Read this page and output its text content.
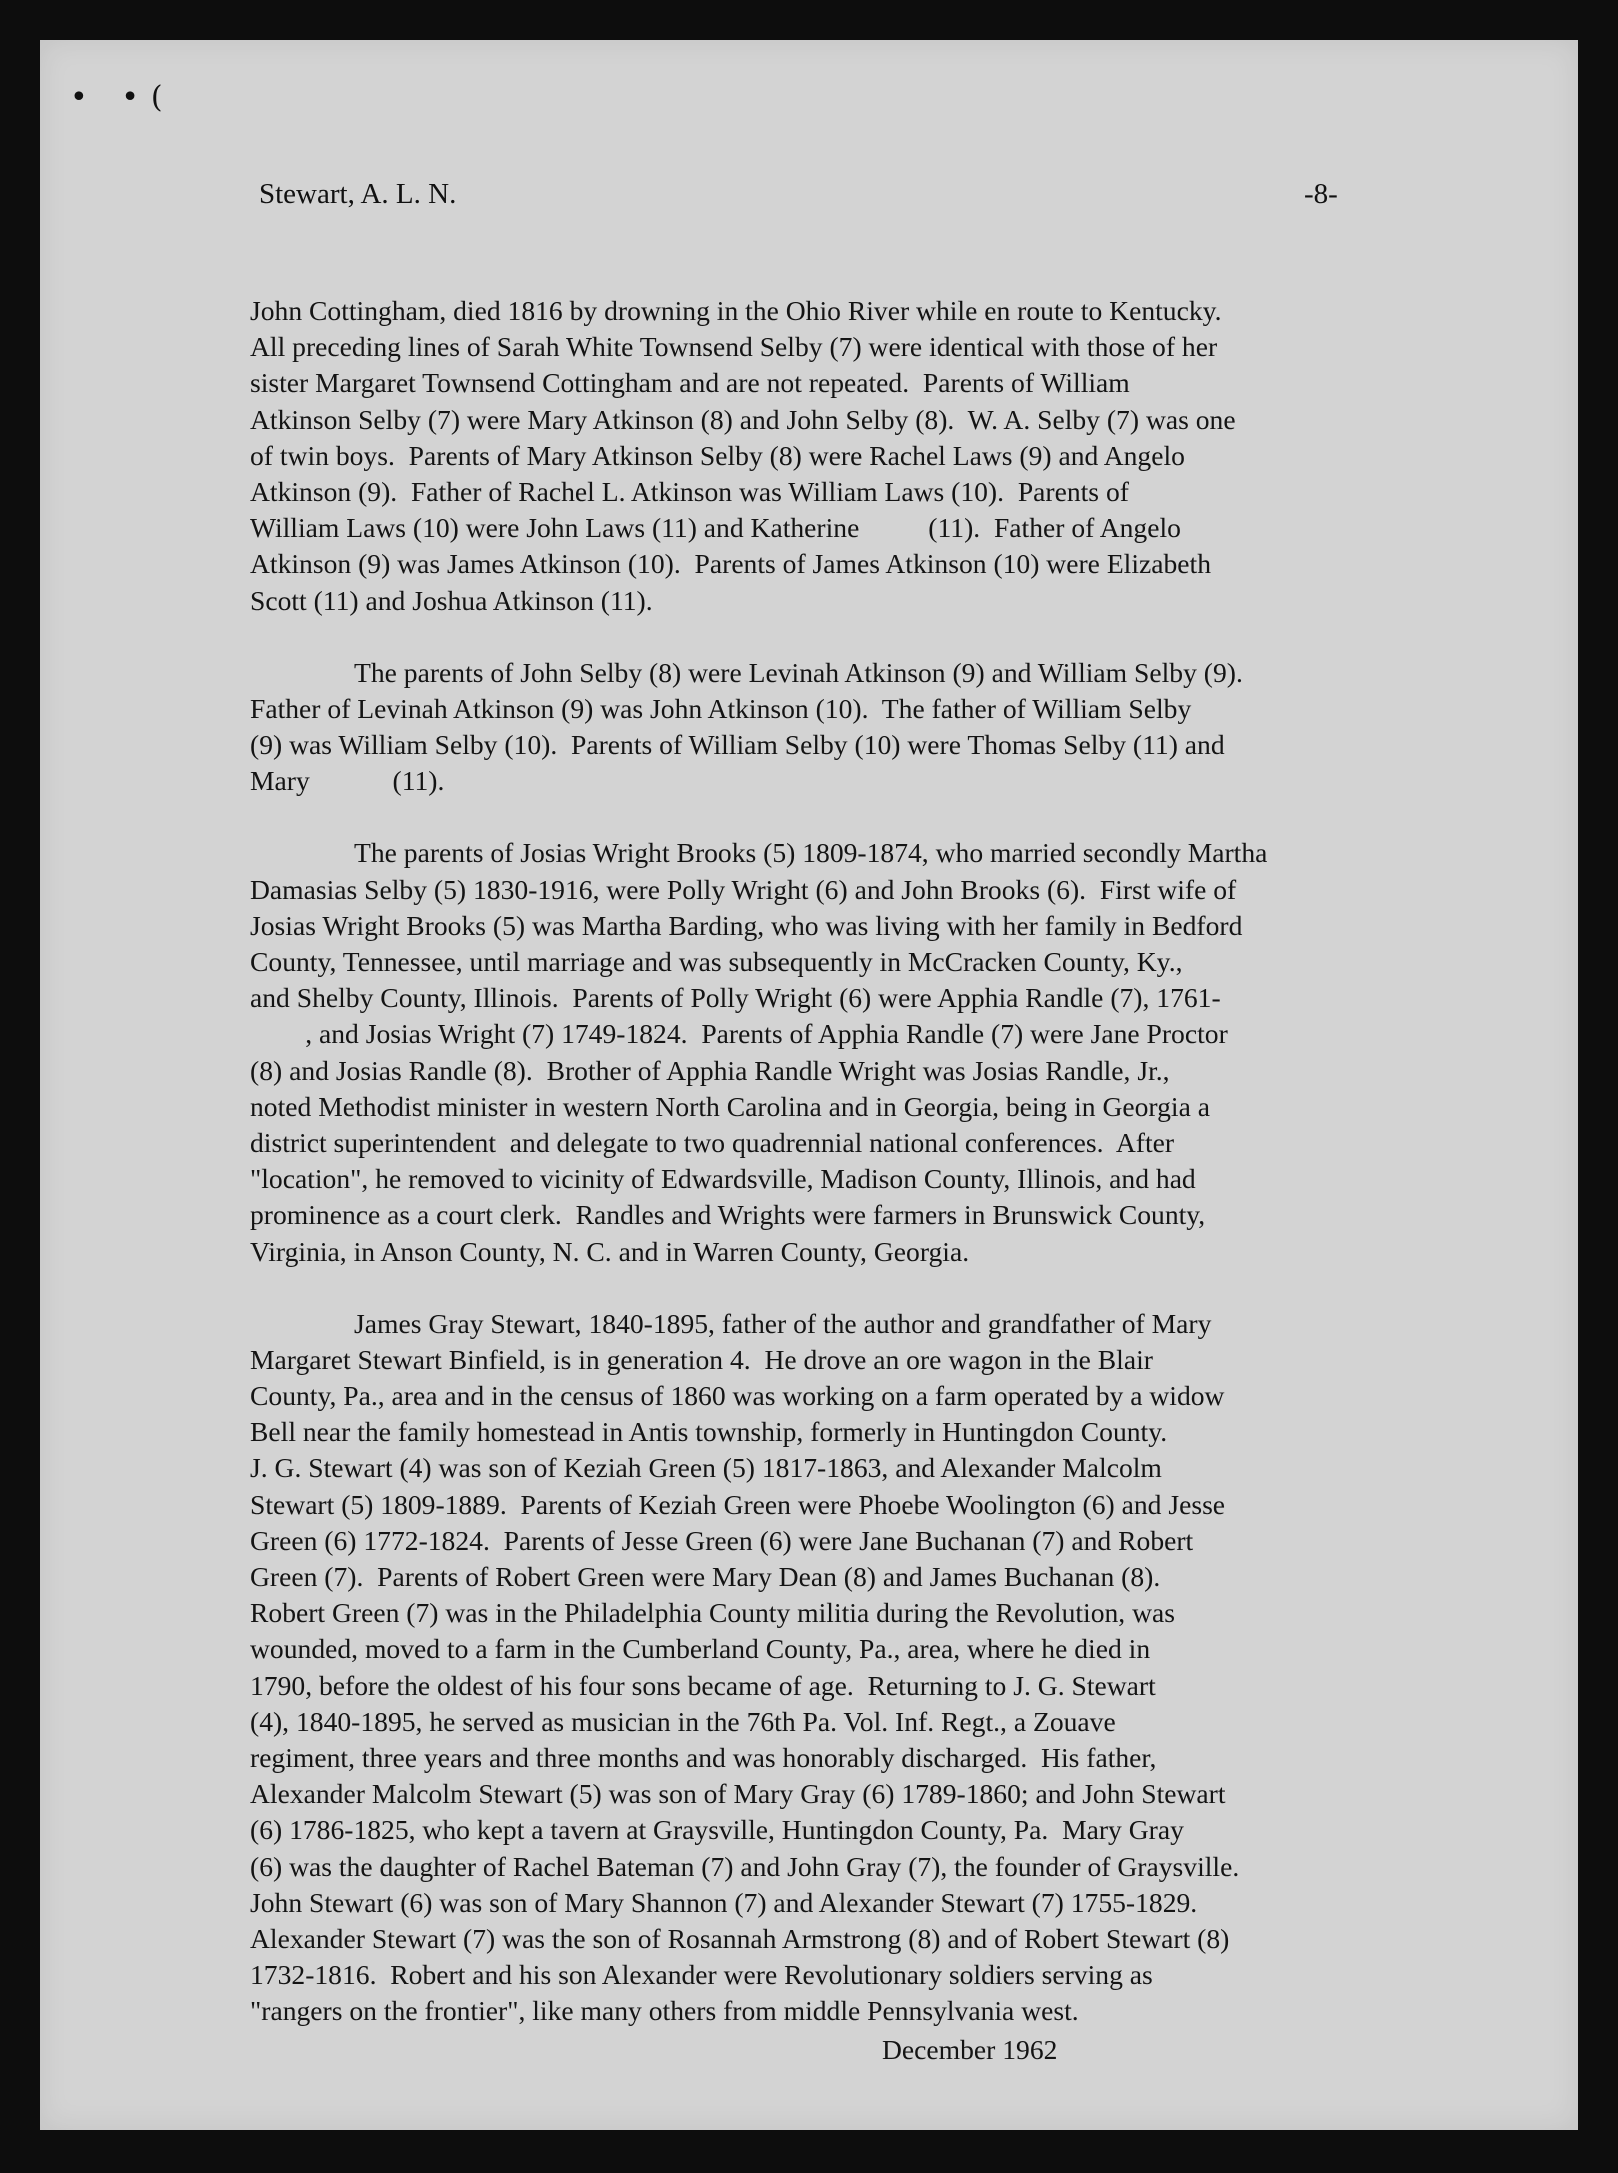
• •(
Stewart, A. L. N.	-8-
John Cottingham, died 1816 by drowning in the Ohio River while en route to Kentucky.
All preceding lines of Sarah White Townsend Selby (7) were identical with those of her
sister Margaret Townsend Cottingham and are not repeated.  Parents of William
Atkinson Selby (7) were Mary Atkinson (8) and John Selby (8).  W. A. Selby (7) was one
of twin boys.  Parents of Mary Atkinson Selby (8) were Rachel Laws (9) and Angelo
Atkinson (9).  Father of Rachel L. Atkinson was William Laws (10).  Parents of
William Laws (10) were John Laws (11) and Katherine          (11).  Father of Angelo
Atkinson (9) was James Atkinson (10).  Parents of James Atkinson (10) were Elizabeth
Scott (11) and Joshua Atkinson (11).
The parents of John Selby (8) were Levinah Atkinson (9) and William Selby (9).
Father of Levinah Atkinson (9) was John Atkinson (10).  The father of William Selby
(9) was William Selby (10).  Parents of William Selby (10) were Thomas Selby (11) and
Mary            (11).
The parents of Josias Wright Brooks (5) 1809-1874, who married secondly Martha
Damasias Selby (5) 1830-1916, were Polly Wright (6) and John Brooks (6).  First wife of
Josias Wright Brooks (5) was Martha Barding, who was living with her family in Bedford
County, Tennessee, until marriage and was subsequently in McCracken County, Ky.,
and Shelby County, Illinois.  Parents of Polly Wright (6) were Apphia Randle (7), 1761-
, and Josias Wright (7) 1749-1824.  Parents of Apphia Randle (7) were Jane Proctor
(8) and Josias Randle (8).  Brother of Apphia Randle Wright was Josias Randle, Jr.,
noted Methodist minister in western North Carolina and in Georgia, being in Georgia a
district superintendent  and delegate to two quadrennial national conferences.  After
"location", he removed to vicinity of Edwardsville, Madison County, Illinois, and had
prominence as a court clerk.  Randles and Wrights were farmers in Brunswick County,
Virginia, in Anson County, N. C. and in Warren County, Georgia.
James Gray Stewart, 1840-1895, father of the author and grandfather of Mary
Margaret Stewart Binfield, is in generation 4.  He drove an ore wagon in the Blair
County, Pa., area and in the census of 1860 was working on a farm operated by a widow
Bell near the family homestead in Antis township, formerly in Huntingdon County.
J. G. Stewart (4) was son of Keziah Green (5) 1817-1863, and Alexander Malcolm
Stewart (5) 1809-1889.  Parents of Keziah Green were Phoebe Woolington (6) and Jesse
Green (6) 1772-1824.  Parents of Jesse Green (6) were Jane Buchanan (7) and Robert
Green (7).  Parents of Robert Green were Mary Dean (8) and James Buchanan (8).
Robert Green (7) was in the Philadelphia County militia during the Revolution, was
wounded, moved to a farm in the Cumberland County, Pa., area, where he died in
1790, before the oldest of his four sons became of age.  Returning to J. G. Stewart
(4), 1840-1895, he served as musician in the 76th Pa. Vol. Inf. Regt., a Zouave
regiment, three years and three months and was honorably discharged.  His father,
Alexander Malcolm Stewart (5) was son of Mary Gray (6) 1789-1860; and John Stewart
(6) 1786-1825, who kept a tavern at Graysville, Huntingdon County, Pa.  Mary Gray
(6) was the daughter of Rachel Bateman (7) and John Gray (7), the founder of Graysville.
John Stewart (6) was son of Mary Shannon (7) and Alexander Stewart (7) 1755-1829.
Alexander Stewart (7) was the son of Rosannah Armstrong (8) and of Robert Stewart (8)
1732-1816.  Robert and his son Alexander were Revolutionary soldiers serving as
"rangers on the frontier", like many others from middle Pennsylvania west.
December 1962
